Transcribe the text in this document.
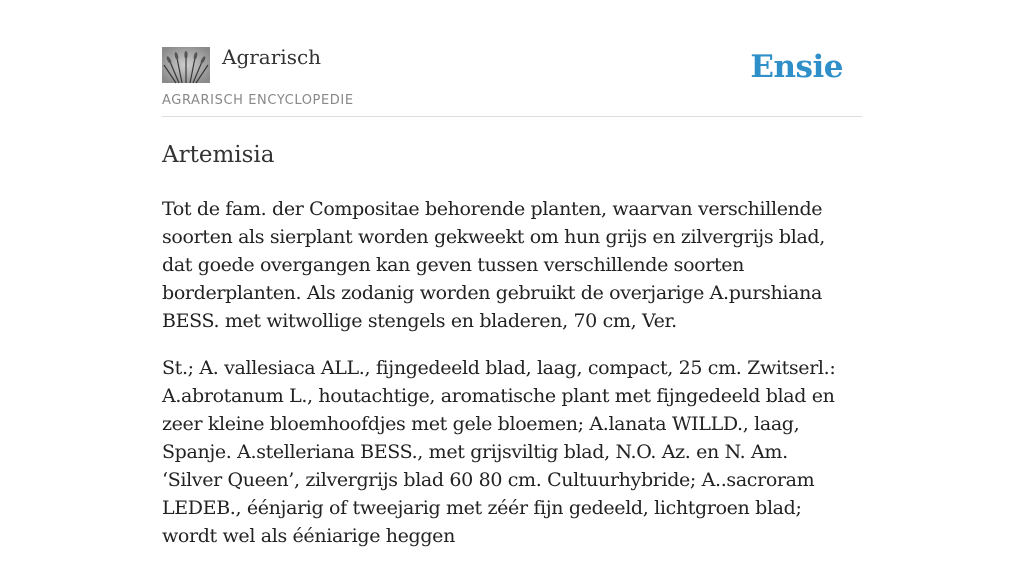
Agrarisch
AGRARISCH ENCYCLOPEDIE
Ensie
Artemisia

Tot de fam. der Compositae behorende planten, waarvan verschillende soorten als sierplant worden gekweekt om hun grijs en zilvergrijs blad, dat goede overgangen kan geven tussen verschillende soorten borderplanten. Als zodanig worden gebruikt de overjarige A.purshiana BESS. met witwollige stengels en bladeren, 70 cm, Ver.

St.; A. vallesiaca ALL., fijngedeeld blad, laag, compact, 25 cm. Zwitserl.: A.abrotanum L., houtachtige, aromatische plant met fijngedeeld blad en zeer kleine bloemhoofdjes met gele bloemen; A.lanata WILLD., laag, Spanje. A.stelleriana BESS., met grijsviltig blad, N.O. Az. en N. Am. ‘Silver Queen’, zilvergrijs blad 60 80 cm. Cultuurhybride; A..sacroram LEDEB., éénjarig of tweejarig met zéér fijn gedeeld, lichtgroen blad; wordt wel als ééniarige heggen
